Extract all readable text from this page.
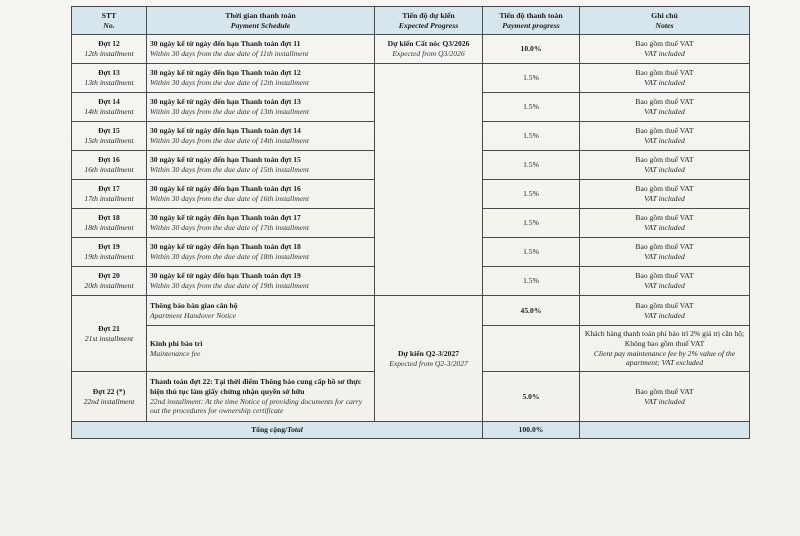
STT
No.	Thời gian thanh toán
Payment Schedule	Tiến độ dự kiến
Expected Progress	Tiến độ thanh toán
Payment progress	Ghi chú
Notes

Đợt 12
12th installment	30 ngày kể từ ngày đến hạn Thanh toán đợt 11
Within 30 days from the due date of 11th installment	Dự kiến Cất nóc Q3/2026
Expected from Q3/2026	10.0%	Bao gồm thuế VAT
VAT included

Đợt 13
13th installment	30 ngày kể từ ngày đến hạn Thanh toán đợt 12
Within 30 days from the due date of 12th installment		1.5%	Bao gồm thuế VAT
VAT included

Đợt 14
14th installment	30 ngày kể từ ngày đến hạn Thanh toán đợt 13
Within 30 days from the due date of 13th installment		1.5%	Bao gồm thuế VAT
VAT included

Đợt 15
15th installment	30 ngày kể từ ngày đến hạn Thanh toán đợt 14
Within 30 days from the due date of 14th installment		1.5%	Bao gồm thuế VAT
VAT included

Đợt 16
16th installment	30 ngày kể từ ngày đến hạn Thanh toán đợt 15
Within 30 days from the due date of 15th installment		1.5%	Bao gồm thuế VAT
VAT included

Đợt 17
17th installment	30 ngày kể từ ngày đến hạn Thanh toán đợt 16
Within 30 days from the due date of 16th installment		1.5%	Bao gồm thuế VAT
VAT included

Đợt 18
18th installment	30 ngày kể từ ngày đến hạn Thanh toán đợt 17
Within 30 days from the due date of 17th installment		1.5%	Bao gồm thuế VAT
VAT included

Đợt 19
19th installment	30 ngày kể từ ngày đến hạn Thanh toán đợt 18
Within 30 days from the due date of 18th installment		1.5%	Bao gồm thuế VAT
VAT included

Đợt 20
20th installment	30 ngày kể từ ngày đến hạn Thanh toán đợt 19
Within 30 days from the due date of 19th installment		1.5%	Bao gồm thuế VAT
VAT included

Đợt 21
21st installment	Thông báo bàn giao căn hộ
Apartment Handover Notice	Dự kiến Q2-3/2027
Expected from Q2-3/2027	45.0%	Bao gồm thuế VAT
VAT included

	Kinh phí bảo trì
Maintenance fee			Khách hàng thanh toán phí bảo trì 2% giá trị căn hộ; Không bao gồm thuế VAT
Client pay maintenance fee by 2% value of the apartment; VAT excluded

Đợt 22 (*)
22nd installment	Thanh toán đợt 22: Tại thời điểm Thông báo cung cấp hồ sơ thực hiện thủ tục làm giấy chứng nhận quyền sở hữu
22nd installment: At the time Notice of providing documents for carry out the procedures for ownership certificate		5.0%	Bao gồm thuế VAT
VAT included

Tổng cộng/Total			100.0%	
